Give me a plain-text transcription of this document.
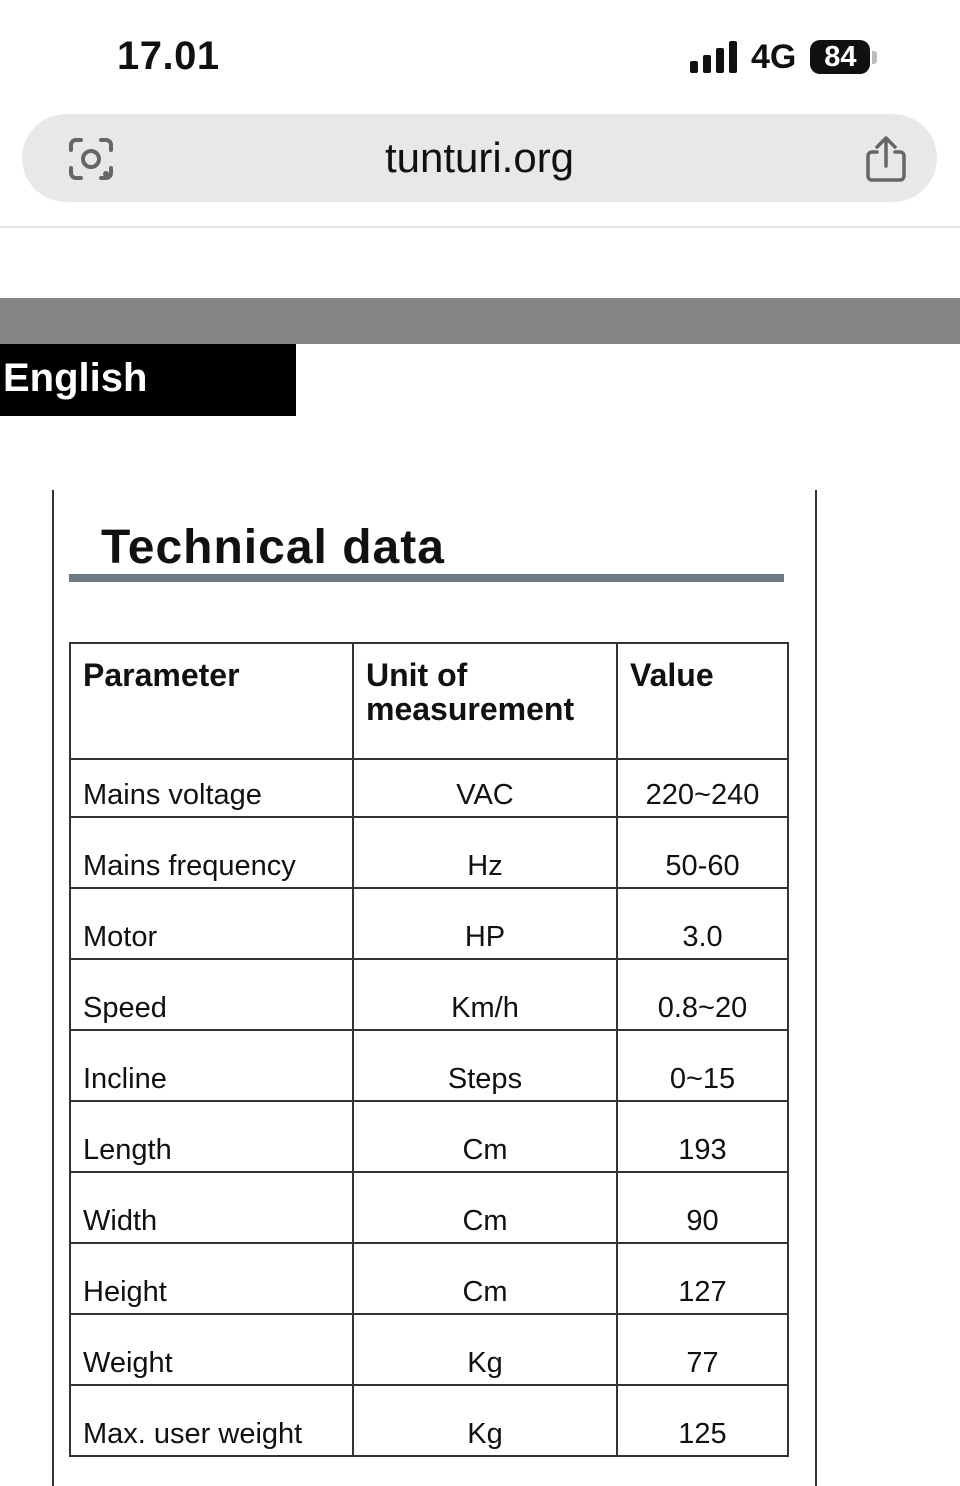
17.01	4G 84
tunturi.org
English
Technical data
Parameter	Unit of measurement	Value
Mains voltage	VAC	220~240
Mains frequency	Hz	50-60
Motor	HP	3.0
Speed	Km/h	0.8~20
Incline	Steps	0~15
Length	Cm	193
Width	Cm	90
Height	Cm	127
Weight	Kg	77
Max. user weight	Kg	125
